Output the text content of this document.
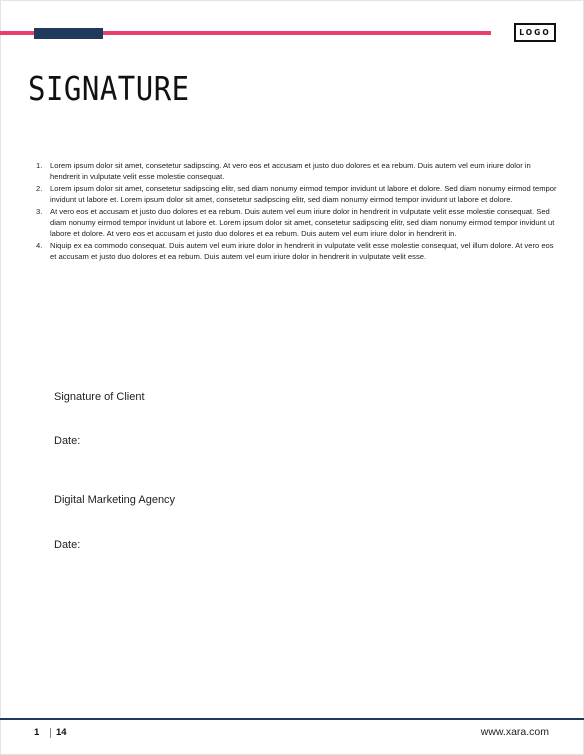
LOGO
SIGNATURE
1. Lorem ipsum dolor sit amet, consetetur sadipscing. At vero eos et accusam et justo duo dolores et ea rebum. Duis autem vel eum iriure dolor in hendrerit in vulputate velit esse molestie consequat.
2. Lorem ipsum dolor sit amet, consetetur sadipscing elitr, sed diam nonumy eirmod tempor invidunt ut labore et dolore. Sed diam nonumy eirmod tempor invidunt ut labore et. Lorem ipsum dolor sit amet, consetetur sadipscing elitr, sed diam nonumy eirmod tempor invidunt ut labore et dolore.
3. At vero eos et accusam et justo duo dolores et ea rebum. Duis autem vel eum iriure dolor in hendrerit in vulputate velit esse molestie consequat. Sed diam nonumy eirmod tempor invidunt ut labore et. Lorem ipsum dolor sit amet, consetetur sadipscing elitr, sed diam nonumy eirmod tempor invidunt ut labore et dolore. At vero eos et accusam et justo duo dolores et ea rebum. Duis autem vel eum iriure dolor in hendrerit in.
4. Niquip ex ea commodo consequat. Duis autem vel eum iriure dolor in hendrerit in vulputate velit esse molestie consequat, vel illum dolore. At vero eos et accusam et justo duo dolores et ea rebum. Duis autem vel eum iriure dolor in hendrerit in vulputate velit esse.
Signature of Client
Date:
Digital Marketing Agency
Date:
1 14	www.xara.com
